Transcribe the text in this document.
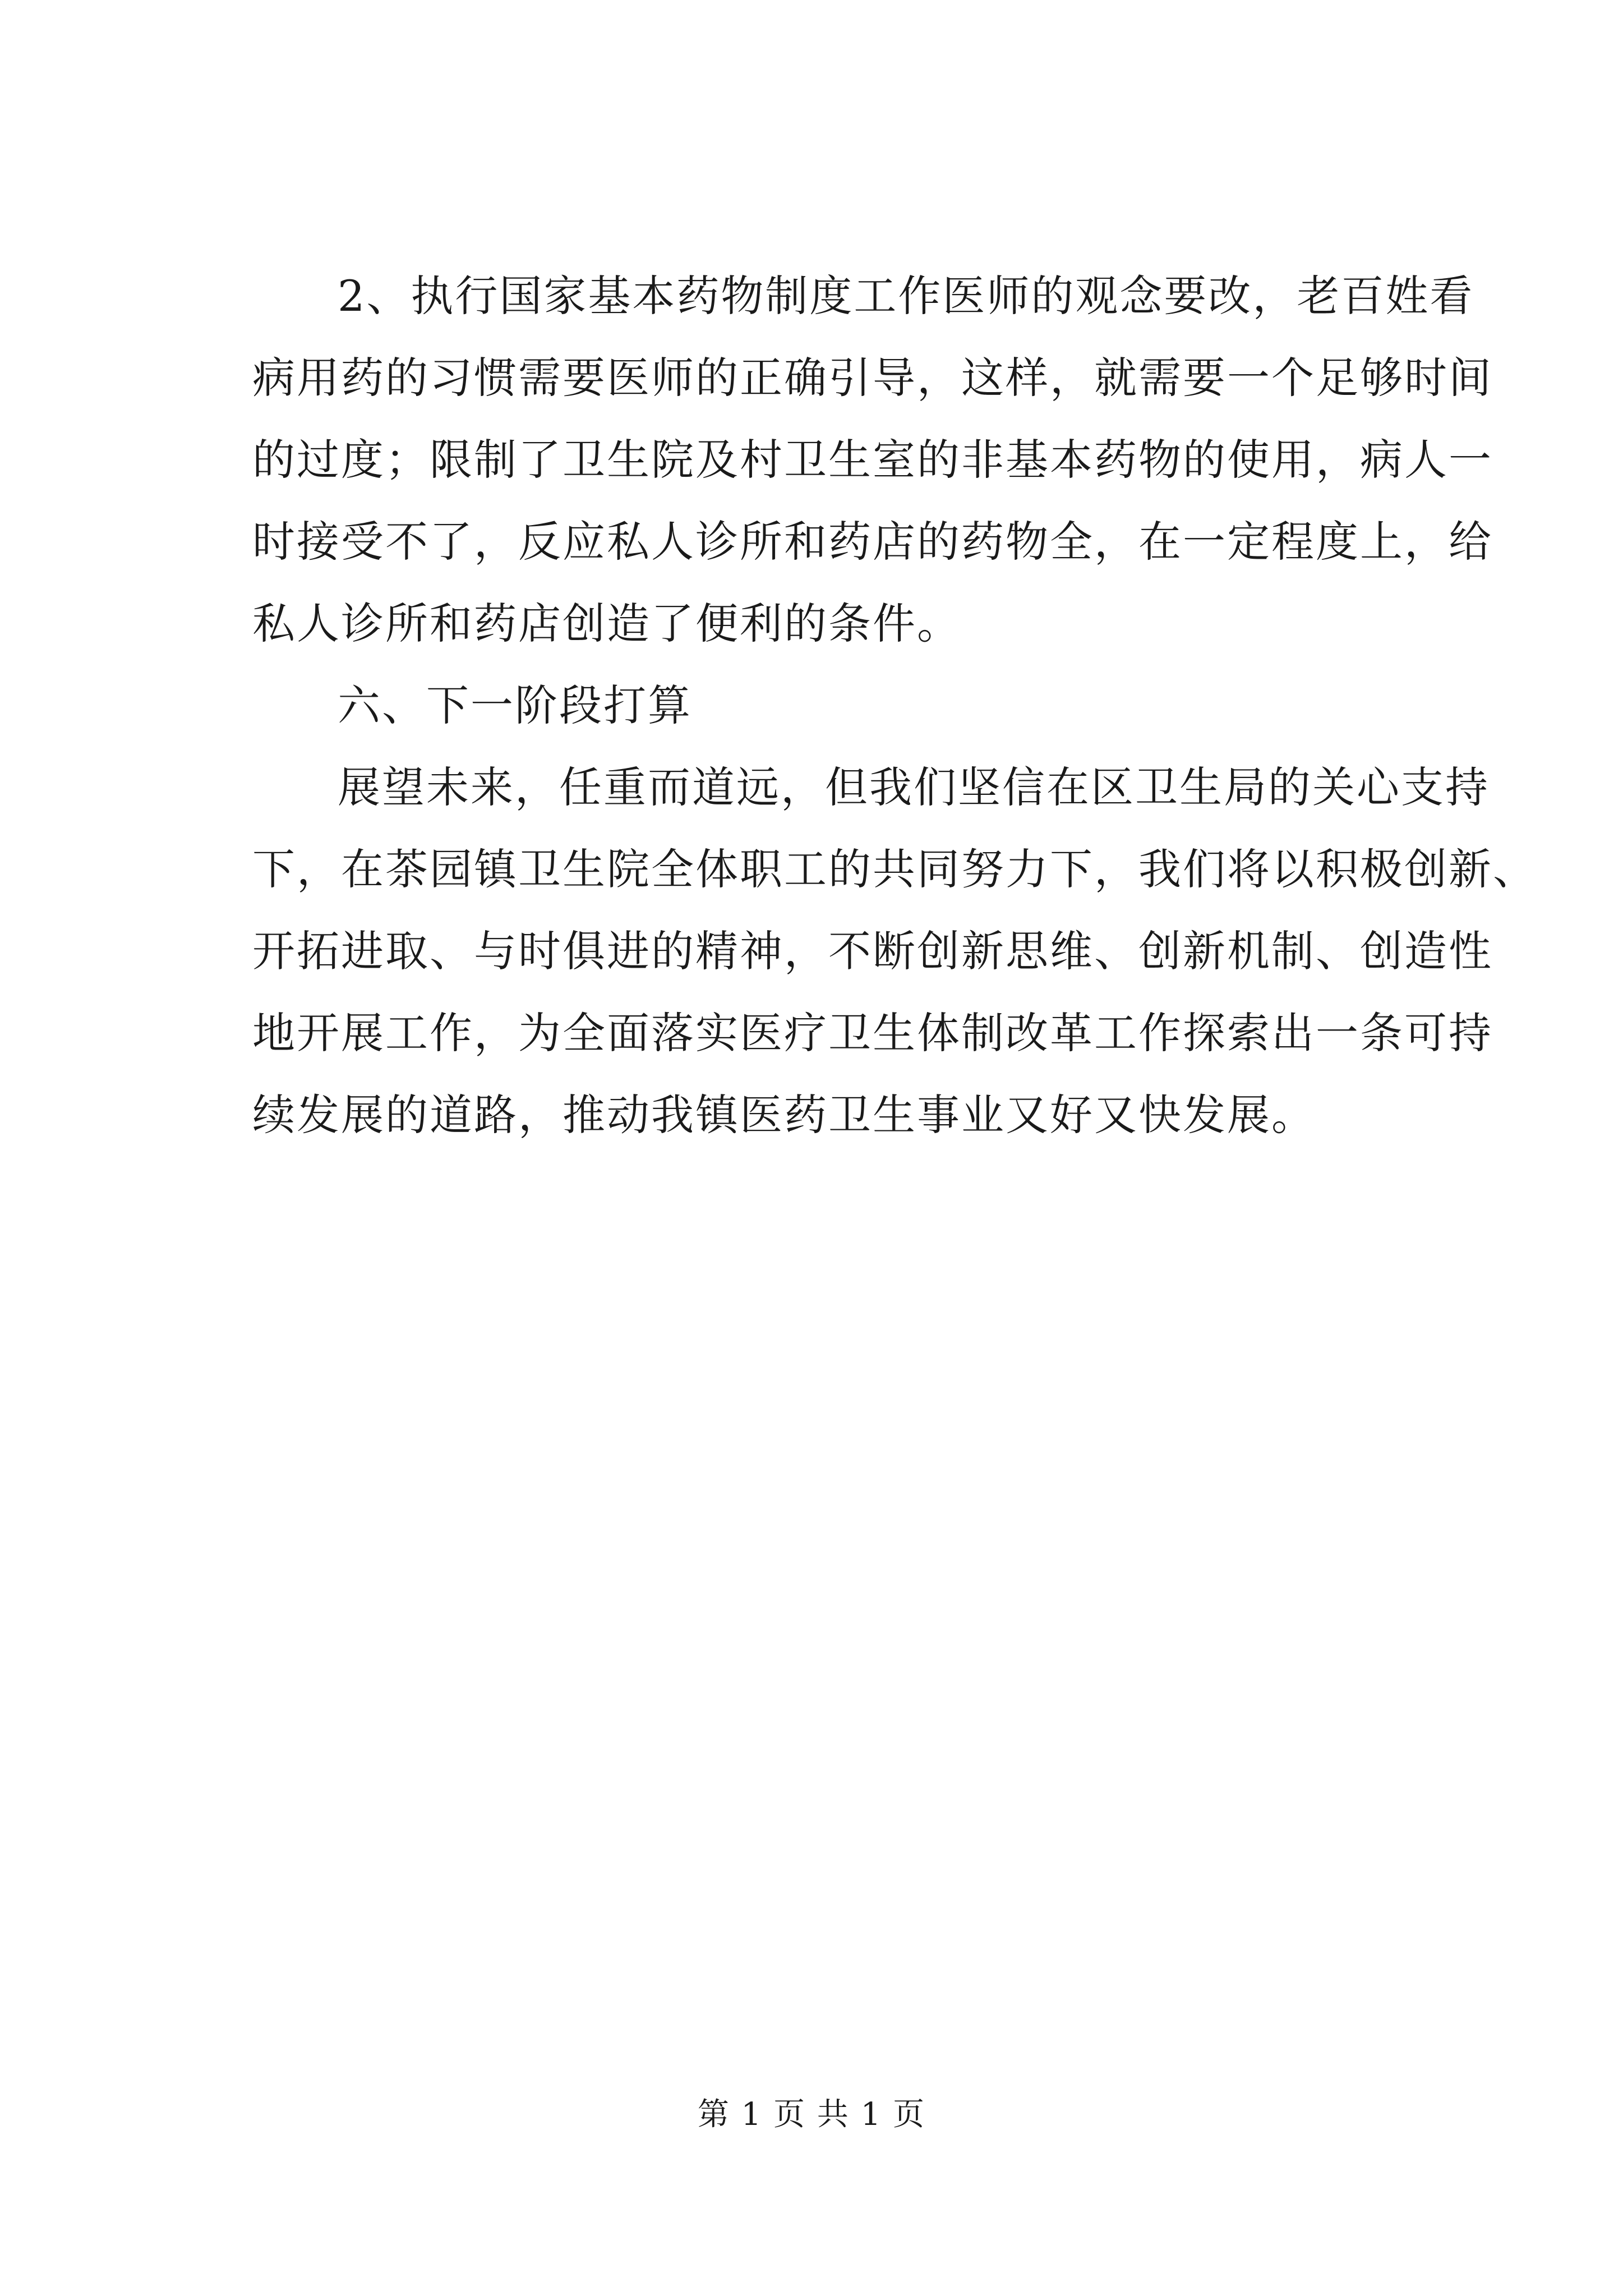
2、执行国家基本药物制度工作医师的观念要改，老百姓看
病用药的习惯需要医师的正确引导，这样，就需要一个足够时间
的过度；限制了卫生院及村卫生室的非基本药物的使用，病人一
时接受不了，反应私人诊所和药店的药物全，在一定程度上，给
私人诊所和药店创造了便利的条件。
六、下一阶段打算
展望未来，任重而道远，但我们坚信在区卫生局的关心支持
下，在茶园镇卫生院全体职工的共同努力下，我们将以积极创新、
开拓进取、与时俱进的精神，不断创新思维、创新机制、创造性
地开展工作，为全面落实医疗卫生体制改革工作探索出一条可持
续发展的道路，推动我镇医药卫生事业又好又快发展。
第 1 页 共 1 页
